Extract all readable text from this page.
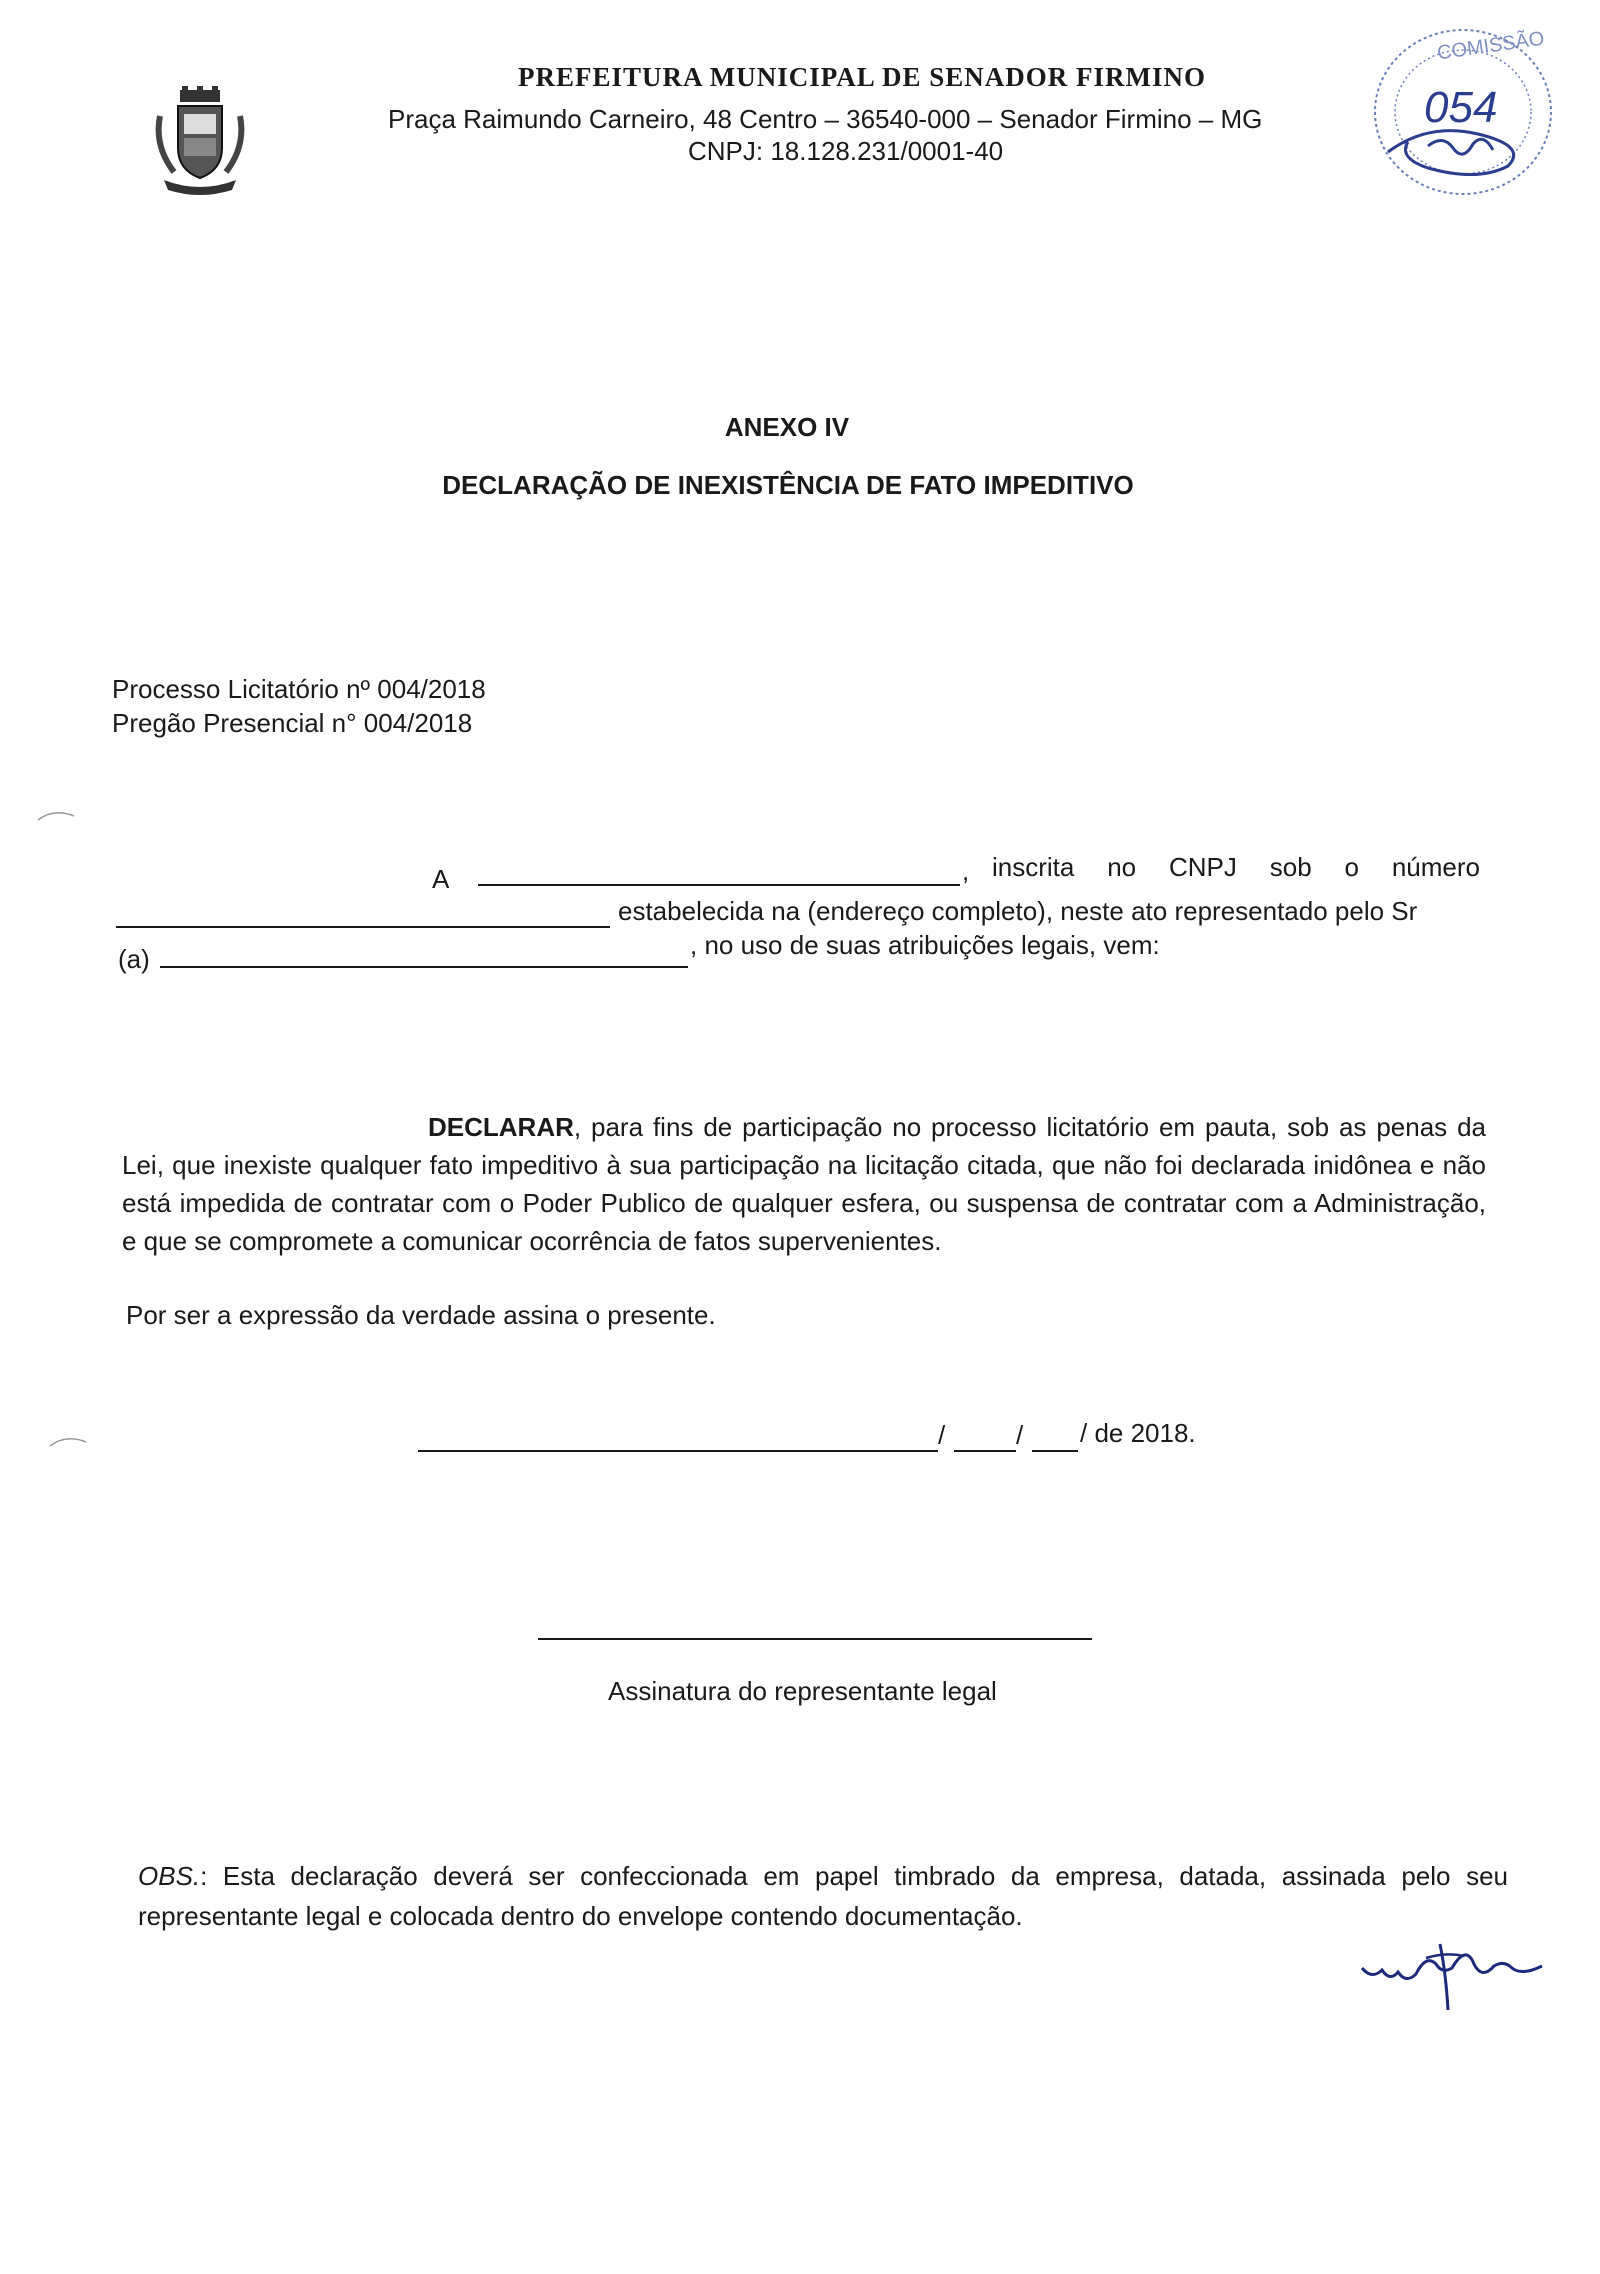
PREFEITURA MUNICIPAL DE SENADOR FIRMINO
Praça Raimundo Carneiro, 48 Centro – 36540-000 – Senador Firmino – MG
CNPJ: 18.128.231/0001-40
COMISSÃO
054
ANEXO IV
DECLARAÇÃO DE INEXISTÊNCIA DE FATO IMPEDITIVO
Processo Licitatório nº 004/2018
Pregão Presencial n° 004/2018
A	, inscrita no CNPJ sob o número
estabelecida na (endereço completo), neste ato representado pelo Sr
(a)	, no uso de suas atribuições legais, vem:

DECLARAR, para fins de participação no processo licitatório em pauta, sob as penas da Lei, que inexiste qualquer fato impeditivo à sua participação na licitação citada, que não foi declarada inidônea e não está impedida de contratar com o Poder Publico de qualquer esfera, ou suspensa de contratar com a Administração, e que se compromete a comunicar ocorrência de fatos supervenientes.

Por ser a expressão da verdade assina o presente.
/	/ / de 2018.
Assinatura do representante legal

OBS.: Esta declaração deverá ser confeccionada em papel timbrado da empresa, datada, assinada pelo seu representante legal e colocada dentro do envelope contendo documentação.
